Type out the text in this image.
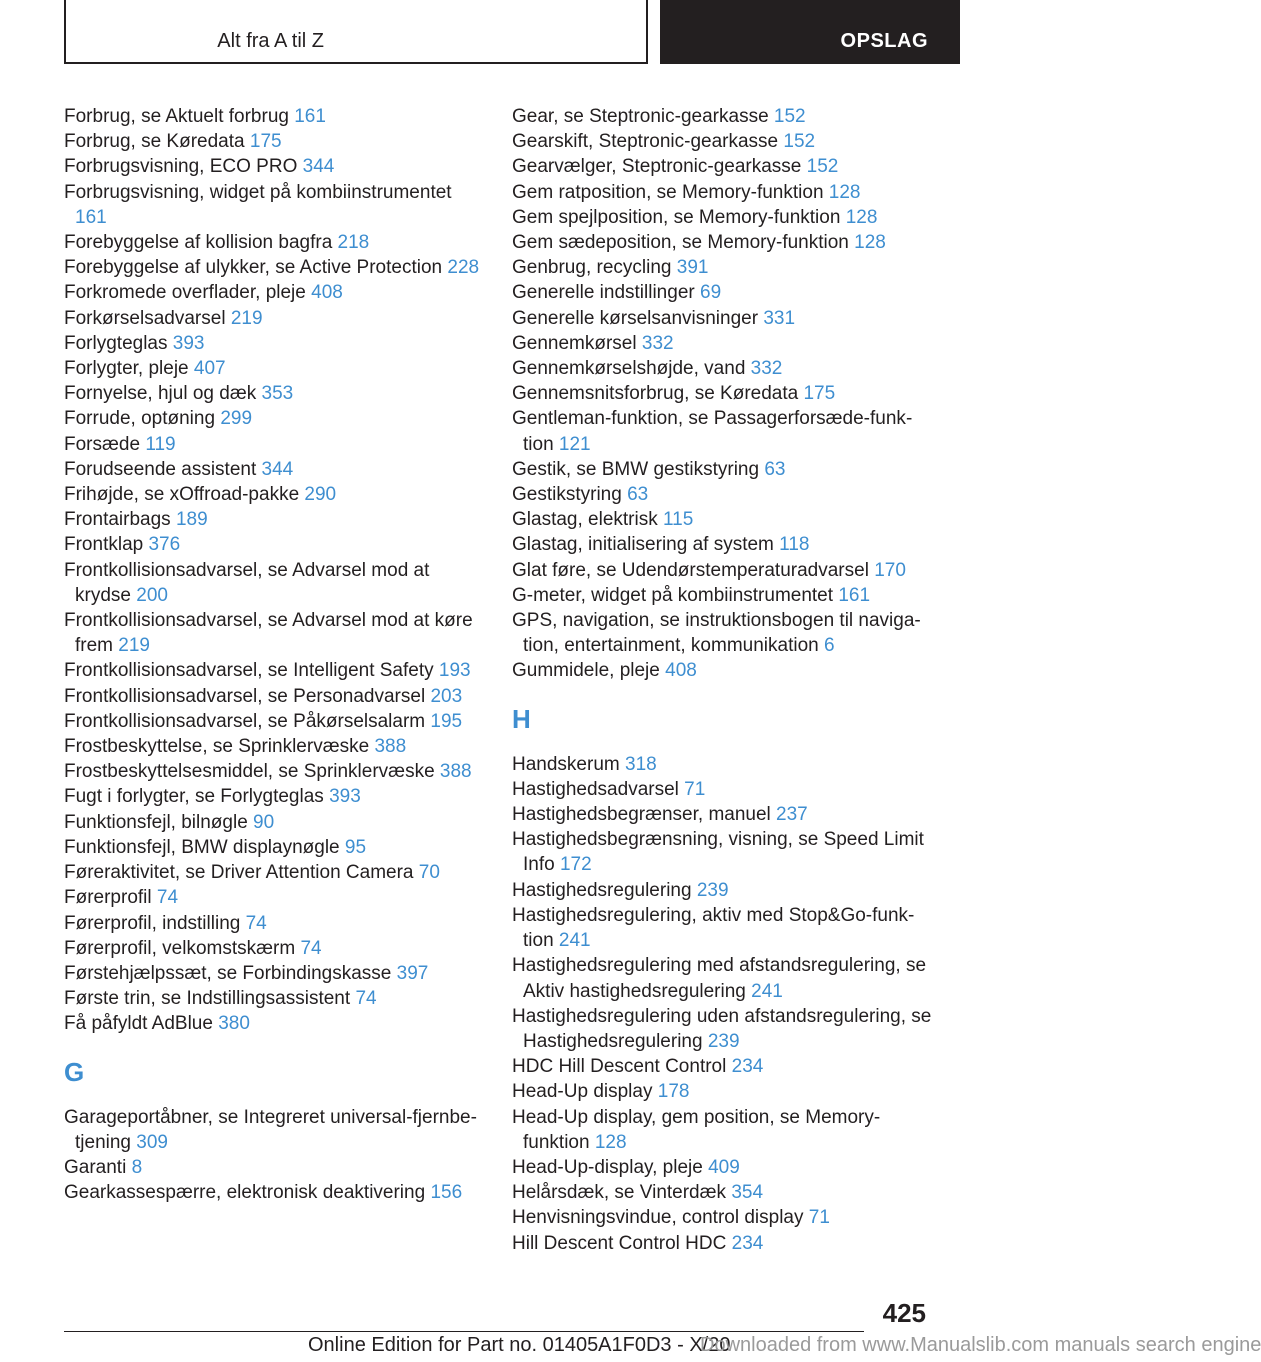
Alt fra A til Z	OPSLAG

Forbrug, se Aktuelt forbrug 161

Forbrug, se Køredata 175

Forbrugsvisning, ECO PRO 344

Forbrugsvisning, widget på kombiinstrumentet 161

Forebyggelse af kollision bagfra 218

Forebyggelse af ulykker, se Active Protection 228

Forkromede overflader, pleje 408

Forkørselsadvarsel 219

Forlygteglas 393

Forlygter, pleje 407

Fornyelse, hjul og dæk 353

Forrude, optøning 299

Forsæde 119

Forudseende assistent 344

Frihøjde, se xOffroad-pakke 290

Frontairbags 189

Frontklap 376

Frontkollisionsadvarsel, se Advarsel mod at krydse 200

Frontkollisionsadvarsel, se Advarsel mod at køre frem 219

Frontkollisionsadvarsel, se Intelligent Safety 193

Frontkollisionsadvarsel, se Personadvarsel 203

Frontkollisionsadvarsel, se Påkørselsalarm 195

Frostbeskyttelse, se Sprinklervæske 388

Frostbeskyttelsesmiddel, se Sprinklervæske 388

Fugt i forlygter, se Forlygteglas 393

Funktionsfejl, bilnøgle 90

Funktionsfejl, BMW displaynøgle 95

Føreraktivitet, se Driver Attention Camera 70

Førerprofil 74

Førerprofil, indstilling 74

Førerprofil, velkomstskærm 74

Førstehjælpssæt, se Forbindingskasse 397

Første trin, se Indstillingsassistent 74

Få påfyldt AdBlue 380

G

Garageportåbner, se Integreret universal-fjernbetjening 309

Garanti 8

Gearkassespærre, elektronisk deaktivering 156

Gear, se Steptronic-gearkasse 152

Gearskift, Steptronic-gearkasse 152

Gearvælger, Steptronic-gearkasse 152

Gem ratposition, se Memory-funktion 128

Gem spejlposition, se Memory-funktion 128

Gem sædeposition, se Memory-funktion 128

Genbrug, recycling 391

Generelle indstillinger 69

Generelle kørselsanvisninger 331

Gennemkørsel 332

Gennemkørselshøjde, vand 332

Gennemsnitsforbrug, se Køredata 175

Gentleman-funktion, se Passagerforsæde-funktion 121

Gestik, se BMW gestikstyring 63

Gestikstyring 63

Glastag, elektrisk 115

Glastag, initialisering af system 118

Glat føre, se Udendørstemperaturadvarsel 170

G-meter, widget på kombiinstrumentet 161

GPS, navigation, se instruktionsbogen til navigation, entertainment, kommunikation 6

Gummidele, pleje 408

H

Handskerum 318

Hastighedsadvarsel 71

Hastighedsbegrænser, manuel 237

Hastighedsbegrænsning, visning, se Speed Limit Info 172

Hastighedsregulering 239

Hastighedsregulering, aktiv med Stop&Go-funktion 241

Hastighedsregulering med afstandsregulering, se Aktiv hastighedsregulering 241

Hastighedsregulering uden afstandsregulering, se Hastighedsregulering 239

HDC Hill Descent Control 234

Head-Up display 178

Head-Up display, gem position, se Memory-funktion 128

Head-Up-display, pleje 409

Helårsdæk, se Vinterdæk 354

Henvisningsvindue, control display 71

Hill Descent Control HDC 234

425
Online Edition for Part no. 01405A1F0D3 - X/20
Downloaded from www.Manualslib.com manuals search engine
